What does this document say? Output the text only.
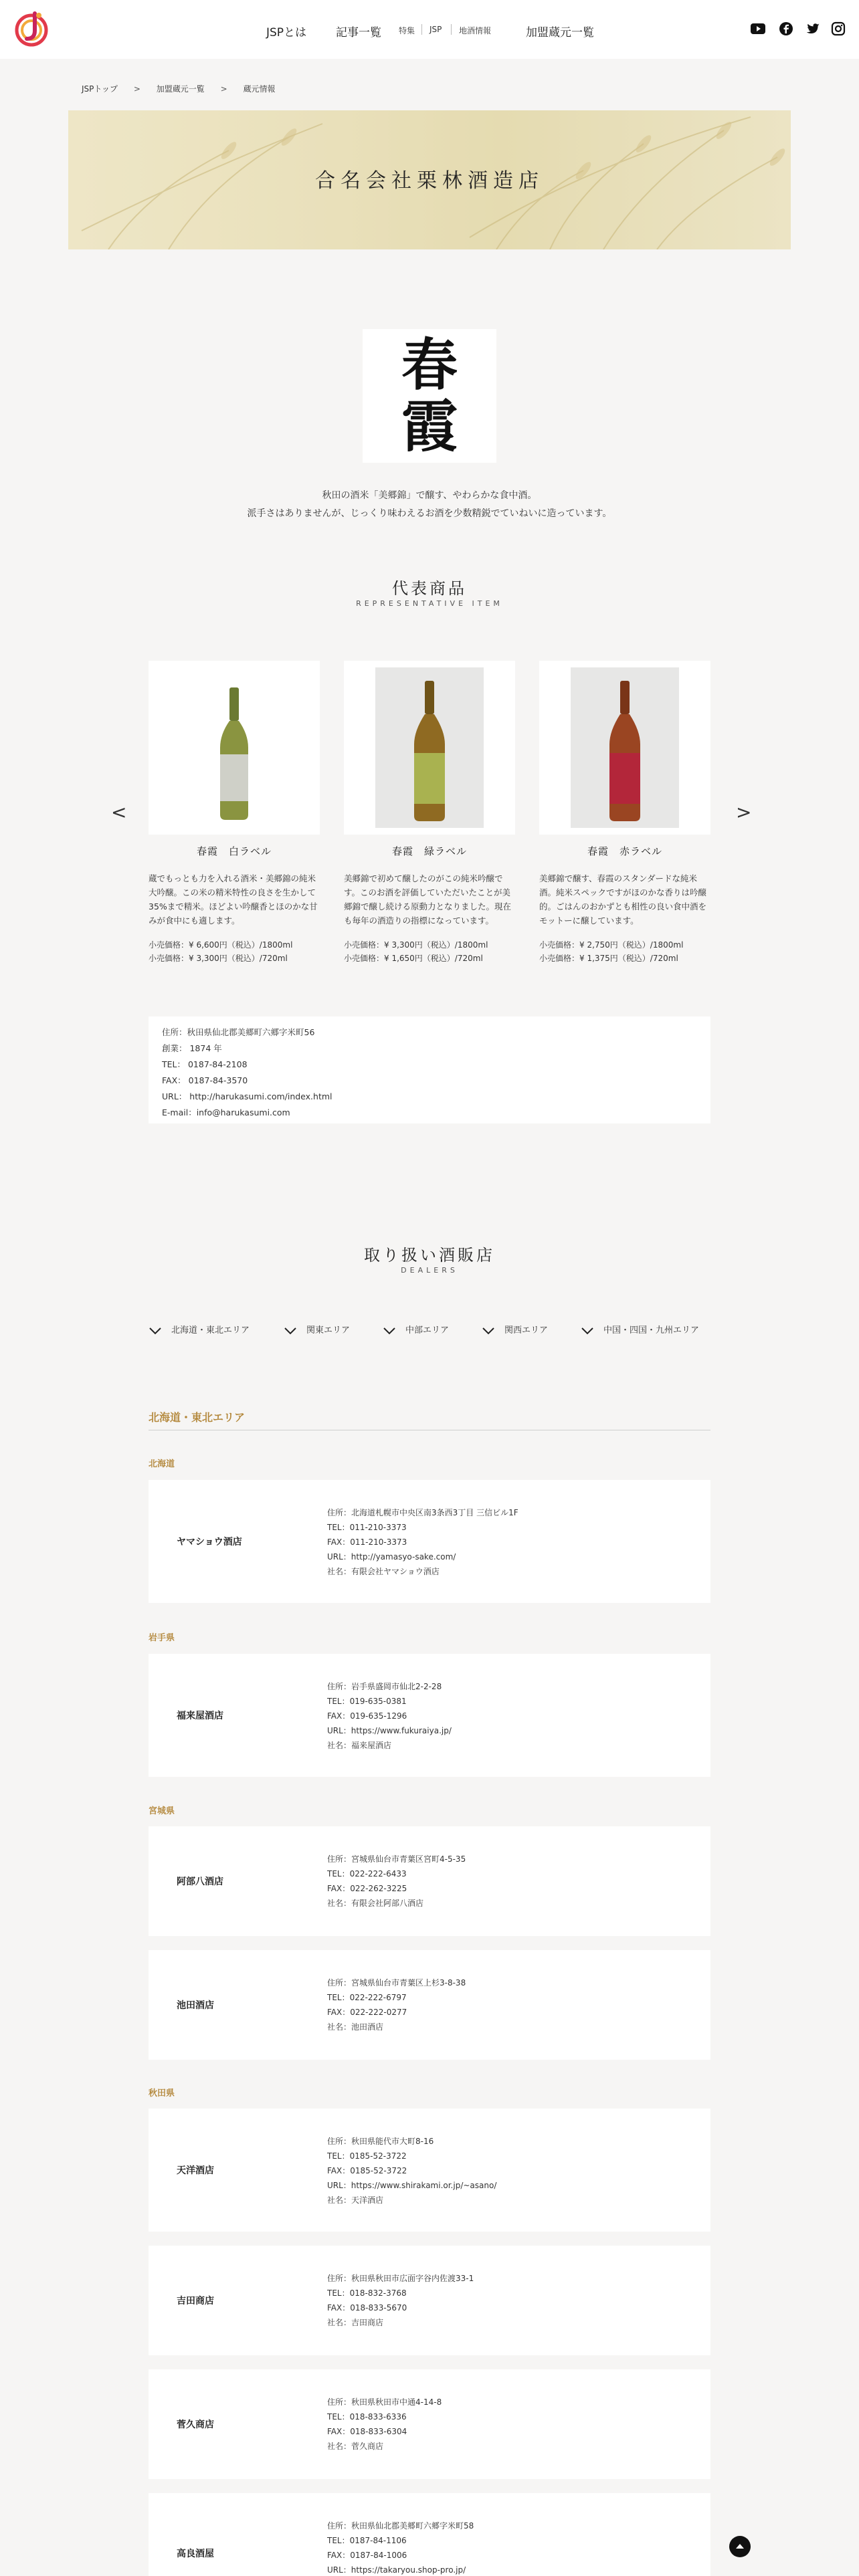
JSPとは	記事一覧 特集 JSP 地酒情報	加盟蔵元一覧
JSPトップ > 加盟蔵元一覧 > 蔵元情報
合名会社栗林酒造店
春霞
秋田の酒米「美郷錦」で醸す、やわらかな食中酒。
派手さはありませんが、じっくり味わえるお酒を少数精鋭でていねいに造っています。
代表商品
REPRESENTATIVE ITEM
<	>
春霞　白ラベル
蔵でもっとも力を入れる酒米・美郷錦の純米大吟醸。この米の精米特性の良さを生かして35%まで精米。ほどよい吟醸香とほのかな甘みが食中にも適します。
小売価格：¥ 6,600円（税込）/1800ml
小売価格：¥ 3,300円（税込）/720ml
春霞　緑ラベル
美郷錦で初めて醸したのがこの純米吟醸です。このお酒を評価していただいたことが美郷錦で醸し続ける原動力となりました。現在も毎年の酒造りの指標になっています。
小売価格：¥ 3,300円（税込）/1800ml
小売価格：¥ 1,650円（税込）/720ml
春霞　赤ラベル
美郷錦で醸す、春霞のスタンダードな純米酒。純米スペックですがほのかな香りは吟醸的。ごはんのおかずとも相性の良い食中酒をモットーに醸しています。
小売価格：¥ 2,750円（税込）/1800ml
小売価格：¥ 1,375円（税込）/720ml
住所：秋田県仙北郡美郷町六郷字米町56
創業： 1874 年
TEL： 0187-84-2108
FAX： 0187-84-3570
URL： http://harukasumi.com/index.html
E-mail：info@harukasumi.com
取り扱い酒販店
DEALERS
北海道・東北エリア	関東エリア	中部エリア	関西エリア	中国・四国・九州エリア
北海道・東北エリア
北海道
ヤマショウ酒店
住所：北海道札幌市中央区南3条西3丁目 三信ビル1F
TEL：011-210-3373
FAX：011-210-3373
URL：http://yamasyo-sake.com/
社名：有限会社ヤマショウ酒店
岩手県
福来屋酒店
住所：岩手県盛岡市仙北2-2-28
TEL：019-635-0381
FAX：019-635-1296
URL：https://www.fukuraiya.jp/
社名：福来屋酒店
宮城県
阿部八酒店
住所：宮城県仙台市青葉区宮町4-5-35
TEL：022-222-6433
FAX：022-262-3225
社名：有限会社阿部八酒店
池田酒店
住所：宮城県仙台市青葉区上杉3-8-38
TEL：022-222-6797
FAX：022-222-0277
社名：池田酒店
秋田県
天洋酒店
住所：秋田県能代市大町8-16
TEL：0185-52-3722
FAX：0185-52-3722
URL：https://www.shirakami.or.jp/~asano/
社名：天洋酒店
吉田商店
住所：秋田県秋田市広面字谷内佐渡33-1
TEL：018-832-3768
FAX：018-833-5670
社名：吉田商店
菅久商店
住所：秋田県秋田市中通4-14-8
TEL：018-833-6336
FAX：018-833-6304
社名：菅久商店
高良酒屋
住所：秋田県仙北郡美郷町六郷字米町58
TEL：0187-84-1106
FAX：0187-84-1006
URL：https://takaryou.shop-pro.jp/
